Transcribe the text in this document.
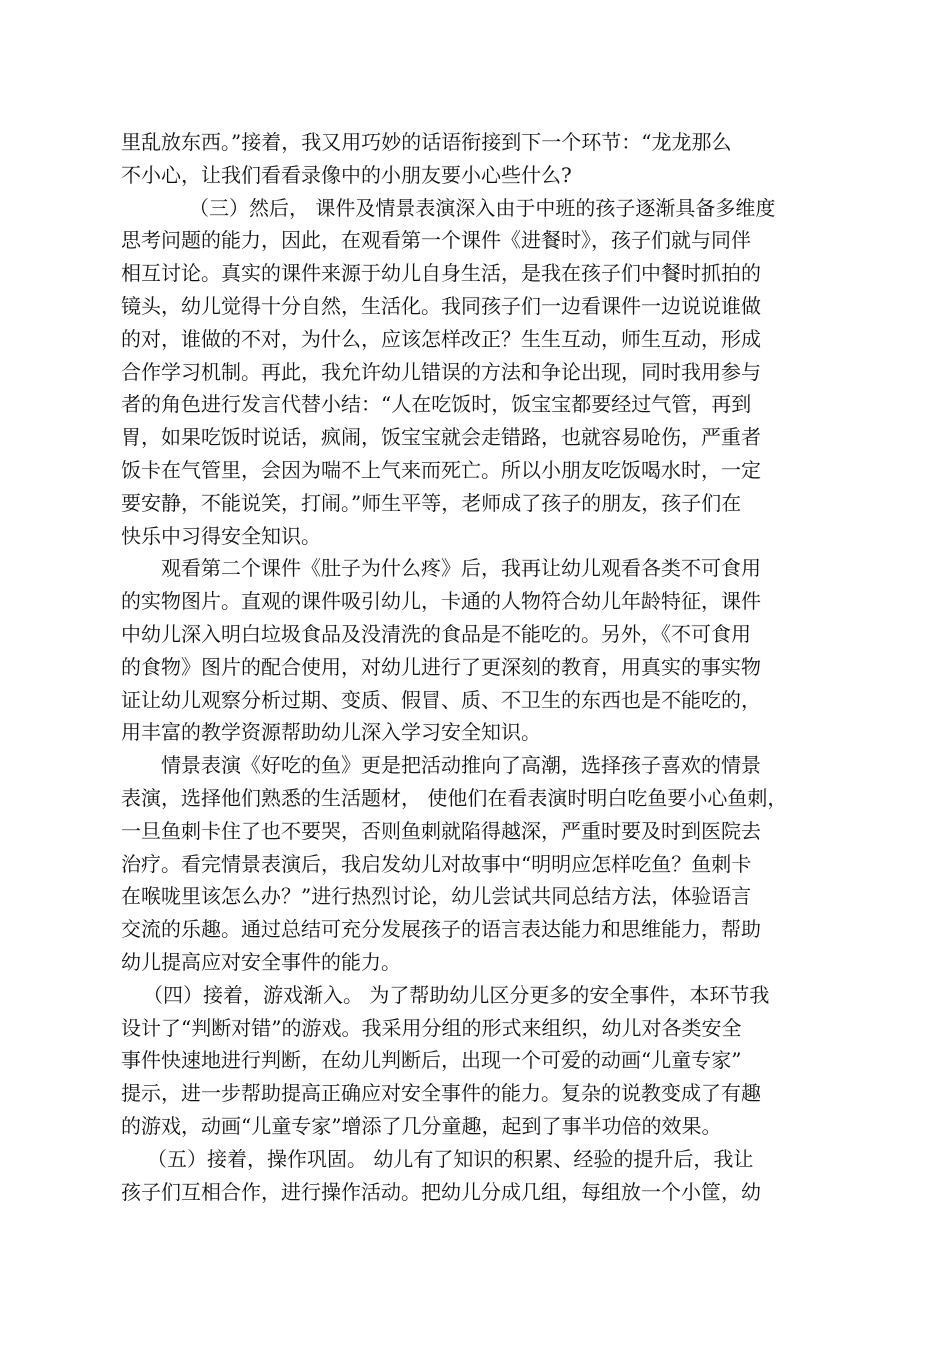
里乱放东西。”接着，我又用巧妙的话语衔接到下一个环节：“龙龙那么
不小心，让我们看看录像中的小朋友要小心些什么?
（三）然后， 课件及情景表演深入由于中班的孩子逐渐具备多维度
思考问题的能力，因此，在观看第一个课件《进餐时》，孩子们就与同伴
相互讨论。真实的课件来源于幼儿自身生活，是我在孩子们中餐时抓拍的
镜头，幼儿觉得十分自然，生活化。我同孩子们一边看课件一边说说谁做
的对，谁做的不对，为什么，应该怎样改正？生生互动，师生互动，形成
合作学习机制。再此，我允许幼儿错误的方法和争论出现，同时我用参与
者的角色进行发言代替小结：“人在吃饭时，饭宝宝都要经过气管，再到
胃，如果吃饭时说话，疯闹，饭宝宝就会走错路，也就容易呛伤，严重者
饭卡在气管里，会因为喘不上气来而死亡。所以小朋友吃饭喝水时，一定
要安静，不能说笑，打闹。”师生平等，老师成了孩子的朋友，孩子们在
快乐中习得安全知识。
观看第二个课件《肚子为什么疼》后，我再让幼儿观看各类不可食用
的实物图片。直观的课件吸引幼儿，卡通的人物符合幼儿年龄特征，课件
中幼儿深入明白垃圾食品及没清洗的食品是不能吃的。另外，《不可食用
的食物》图片的配合使用，对幼儿进行了更深刻的教育，用真实的事实物
证让幼儿观察分析过期、变质、假冒、质、不卫生的东西也是不能吃的，
用丰富的教学资源帮助幼儿深入学习安全知识。
情景表演《好吃的鱼》更是把活动推向了高潮，选择孩子喜欢的情景
表演，选择他们熟悉的生活题材， 使他们在看表演时明白吃鱼要小心鱼刺，
一旦鱼刺卡住了也不要哭，否则鱼刺就陷得越深，严重时要及时到医院去
治疗。看完情景表演后，我启发幼儿对故事中“明明应怎样吃鱼？鱼刺卡
在喉咙里该怎么办？”进行热烈讨论，幼儿尝试共同总结方法，体验语言
交流的乐趣。通过总结可充分发展孩子的语言表达能力和思维能力，帮助
幼儿提高应对安全事件的能力。
（四）接着，游戏渐入。 为了帮助幼儿区分更多的安全事件，本环节我
设计了“判断对错”的游戏。我采用分组的形式来组织，幼儿对各类安全
事件快速地进行判断，在幼儿判断后，出现一个可爱的动画“儿童专家”
提示，进一步帮助提高正确应对安全事件的能力。复杂的说教变成了有趣
的游戏，动画“儿童专家”增添了几分童趣，起到了事半功倍的效果。
（五）接着，操作巩固。 幼儿有了知识的积累、经验的提升后，我让
孩子们互相合作，进行操作活动。把幼儿分成几组，每组放一个小筐，幼
